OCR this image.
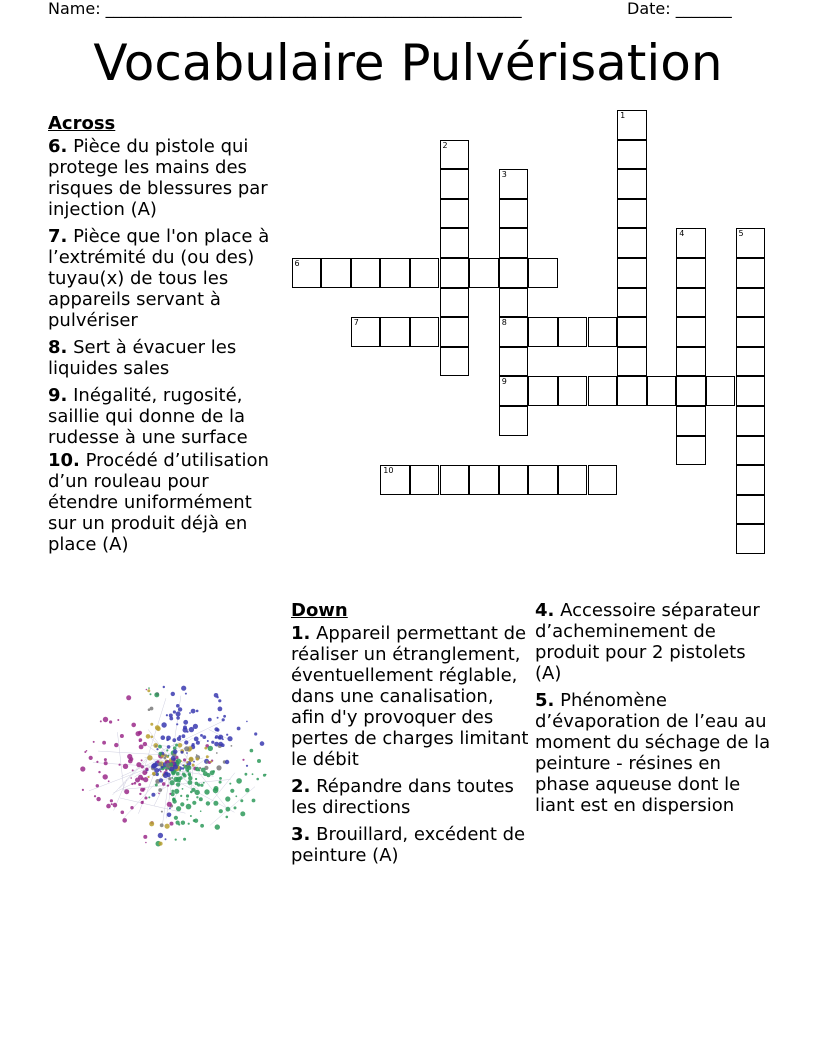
Name: ____________________________________________________	Date: _______
Vocabulaire Pulvérisation
1
2
3
8
9
4	5
6
7
10
Across
6. Pièce du pistole qui protege les mains des risques de blessures par injection (A)
7. Pièce que l'on place à l’extrémité du (ou des) tuyau(x) de tous les appareils servant à pulvériser
8. Sert à évacuer les liquides sales
9. Inégalité, rugosité, saillie qui donne de la rudesse à une surface
10. Procédé d’utilisation d’un rouleau pour étendre uniformément sur un produit déjà en place (A)
Down
1. Appareil permettant de réaliser un étranglement, éventuellement réglable, dans une canalisation, afin d'y provoquer des pertes de charges limitant le débit
2. Répandre dans toutes les directions
3. Brouillard, excédent de peinture (A)
4. Accessoire séparateur d’acheminement de produit pour 2 pistolets (A)
5. Phénomène d’évaporation de l’eau au moment du séchage de la peinture - résines en phase aqueuse dont le liant est en dispersion
